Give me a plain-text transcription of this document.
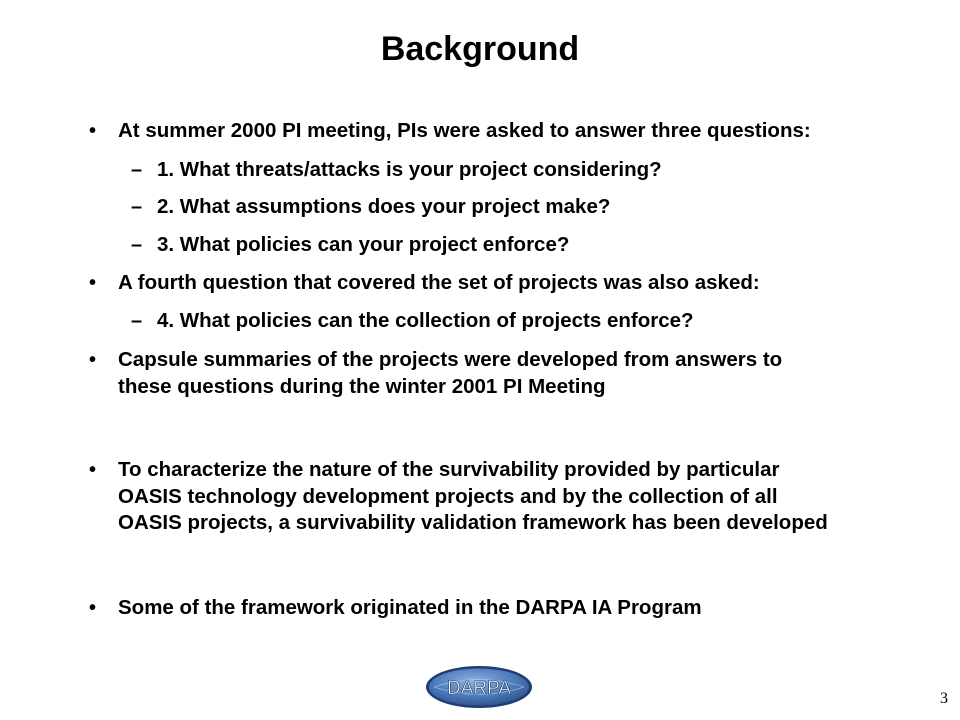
Background
• At summer 2000 PI meeting, PIs were asked to answer three questions:
– 1. What threats/attacks is your project considering?
– 2. What assumptions does your project make?
– 3. What policies can your project enforce?
• A fourth question that covered the set of projects was also asked:
– 4. What policies can the collection of projects enforce?
• Capsule summaries of the projects were developed from answers to
these questions during the winter 2001 PI Meeting
• To characterize the nature of the survivability provided by particular
OASIS technology development projects and by the collection of all
OASIS projects, a survivability validation framework has been developed
• Some of the framework originated in the DARPA IA Program
DARPA	3
